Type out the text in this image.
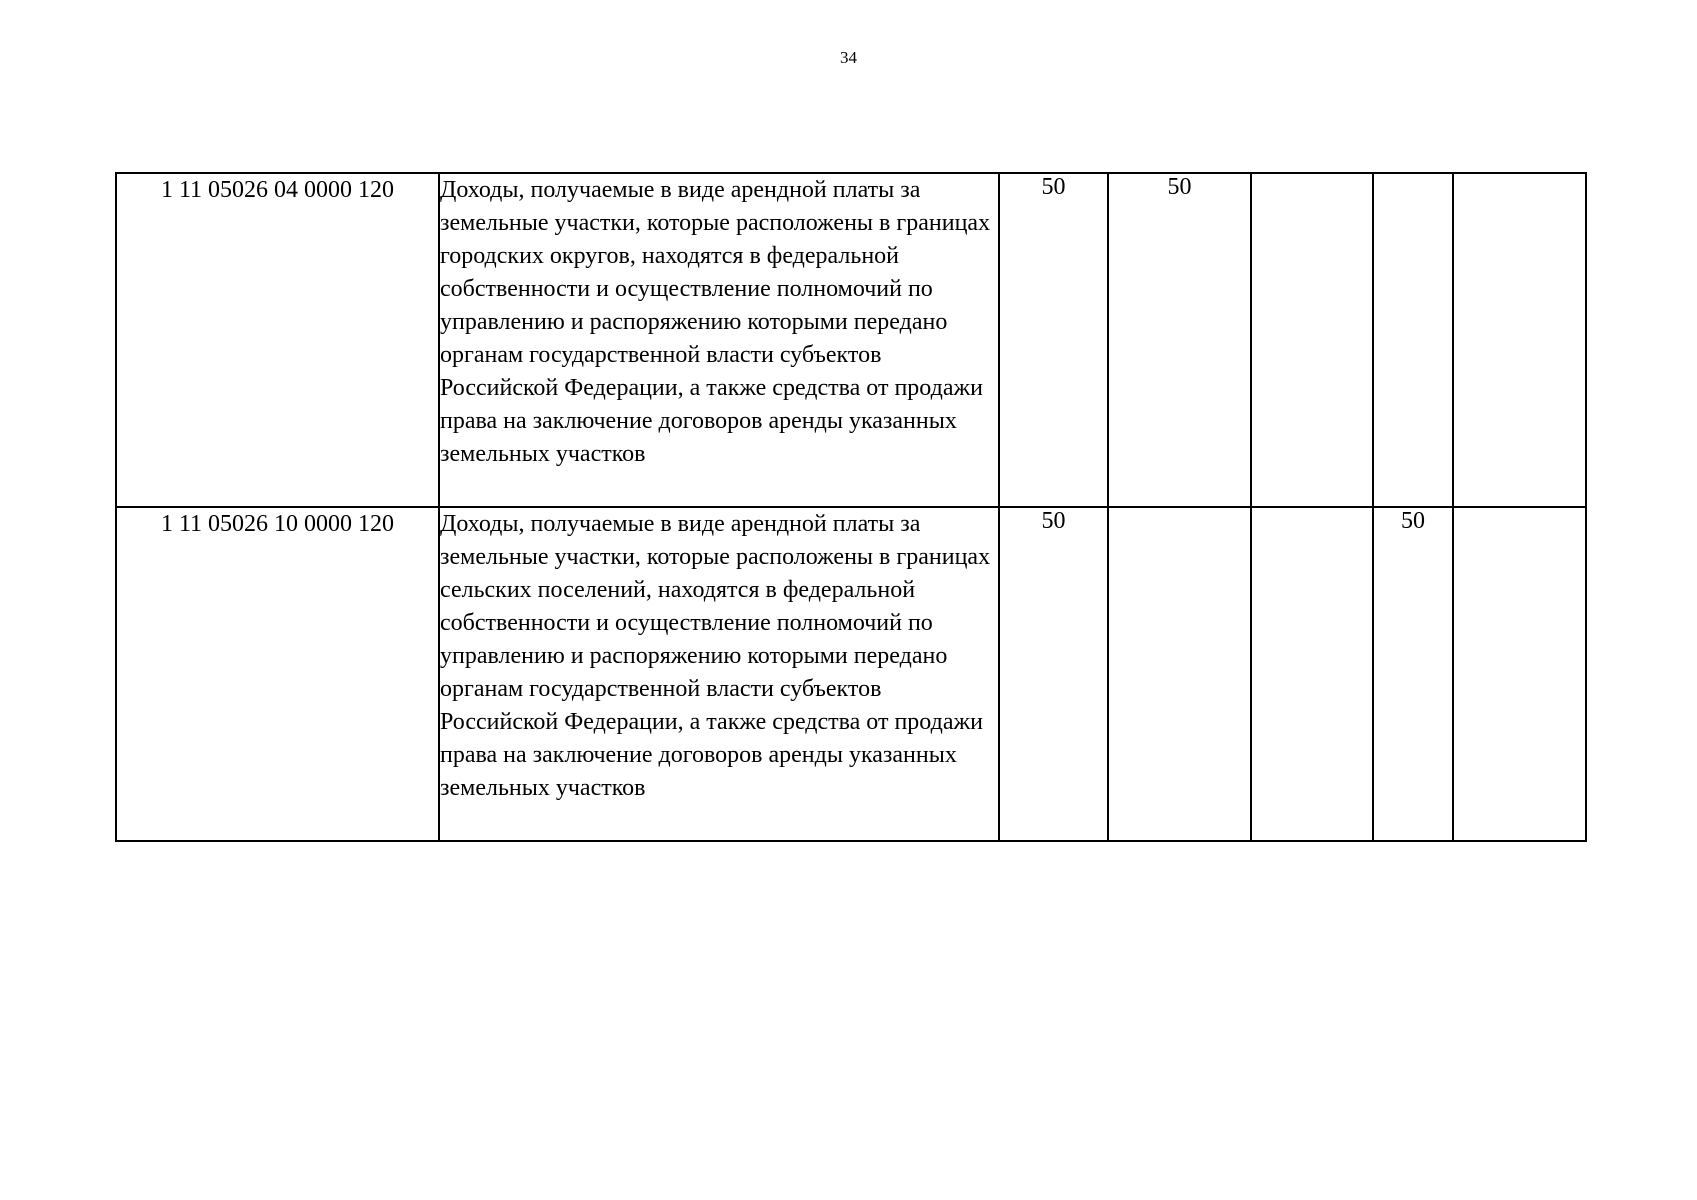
34
1 11 05026 04 0000 120	Доходы, получаемые в виде арендной платы за земельные участки, которые расположены в границах городских округов, находятся в федеральной собственности и осуществление полномочий по управлению и распоряжению которыми передано органам государственной власти субъектов Российской Федерации, а также средства от продажи права на заключение договоров аренды указанных земельных участков	50	50			
1 11 05026 10 0000 120	Доходы, получаемые в виде арендной платы за земельные участки, которые расположены в границах сельских поселений, находятся в федеральной собственности и осуществление полномочий по управлению и распоряжению которыми передано органам государственной власти субъектов Российской Федерации, а также средства от продажи права на заключение договоров аренды указанных земельных участков	50			50	
